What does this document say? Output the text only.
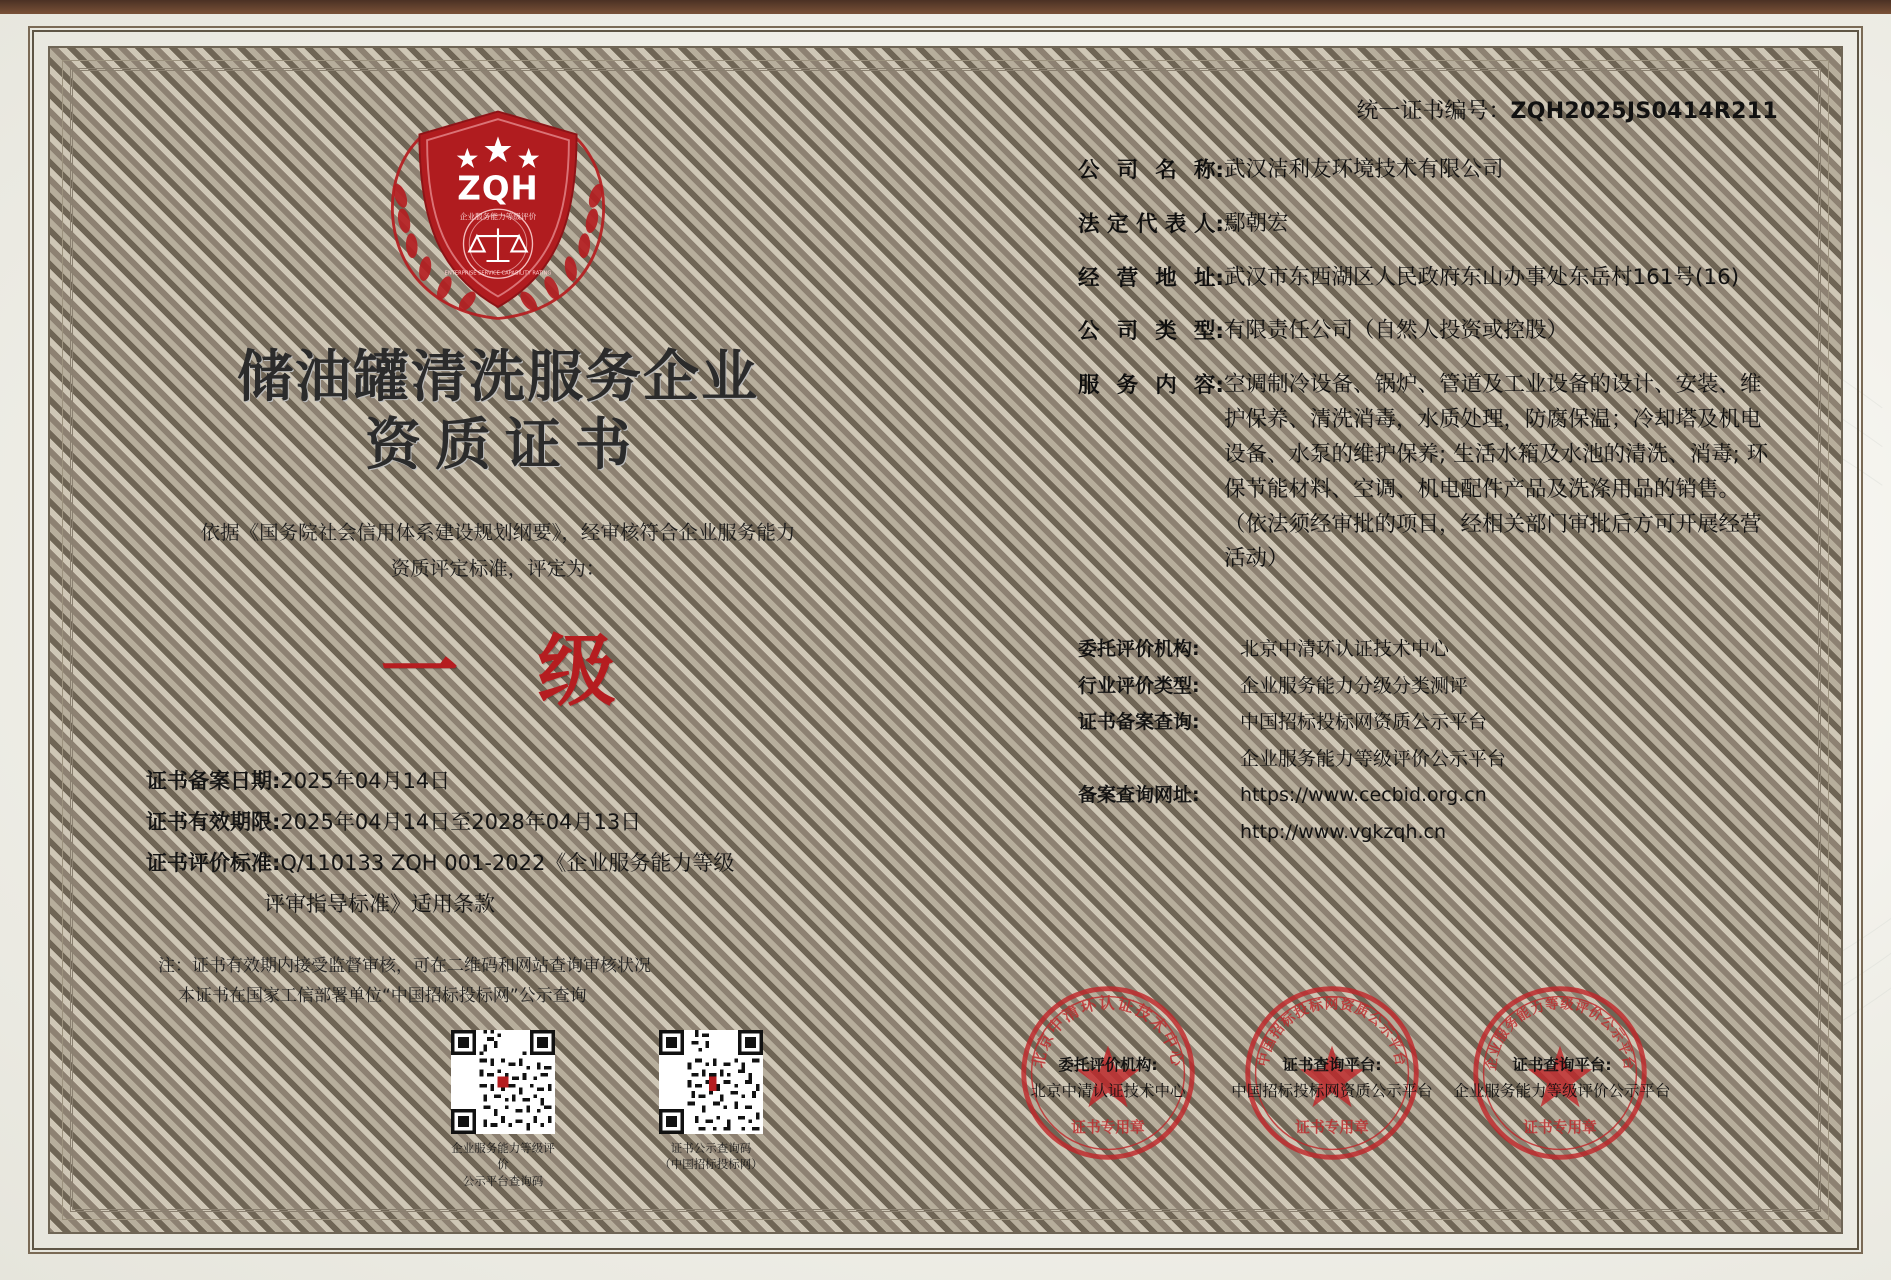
ZQH
企业服务能力等级评价
ENTERPRISE SERVICE CAPABILITY RATING
储油罐清洗服务企业
资质证书
依据《国务院社会信用体系建设规划纲要》，经审核符合企业服务能力
资质评定标准，评定为：
一 级
证书备案日期:2025年04月14日
证书有效期限:2025年04月14日至2028年04月13日
证书评价标准:Q/110133 ZQH 001-2022《企业服务能力等级
评审指导标准》适用条款
注：证书有效期内接受监督审核，可在二维码和网站查询审核状况
本证书在国家工信部署单位“中国招标投标网”公示查询
企业服务能力等级评价
公示平台查询码
证书公示查询码
（中国招标投标网）
统一证书编号：ZQH2025JS0414R211
公 司 名 称: 武汉洁利友环境技术有限公司
法 定 代 表 人: 鄢朝宏
经 营 地 址: 武汉市东西湖区人民政府东山办事处东岳村161号(16)
公 司 类 型: 有限责任公司（自然人投资或控股）
服 务 内 容: 空调制冷设备、锅炉、管道及工业设备的设计、安装、维护保养、清洗消毒，水质处理，防腐保温；冷却塔及机电设备、水泵的维护保养; 生活水箱及水池的清洗、消毒; 环保节能材料、空调、机电配件产品及洗涤用品的销售。（依法须经审批的项目，经相关部门审批后方可开展经营活动）
委托评价机构:	北京中清环认证技术中心
行业评价类型:	企业服务能力分级分类测评
证书备案查询:	中国招标投标网资质公示平台
企业服务能力等级评价公示平台
备案查询网址:	https://www.cecbid.org.cn
http://www.vgkzqh.cn
北京中清环认证技术中心
证书专用章
委托评价机构:
北京中清认证技术中心
中国招标投标网资质公示平台
证书专用章
证书查询平台:
中国招标投标网资质公示平台
企业服务能力等级评价公示平台
证书专用章
证书查询平台:
企业服务能力等级评价公示平台
